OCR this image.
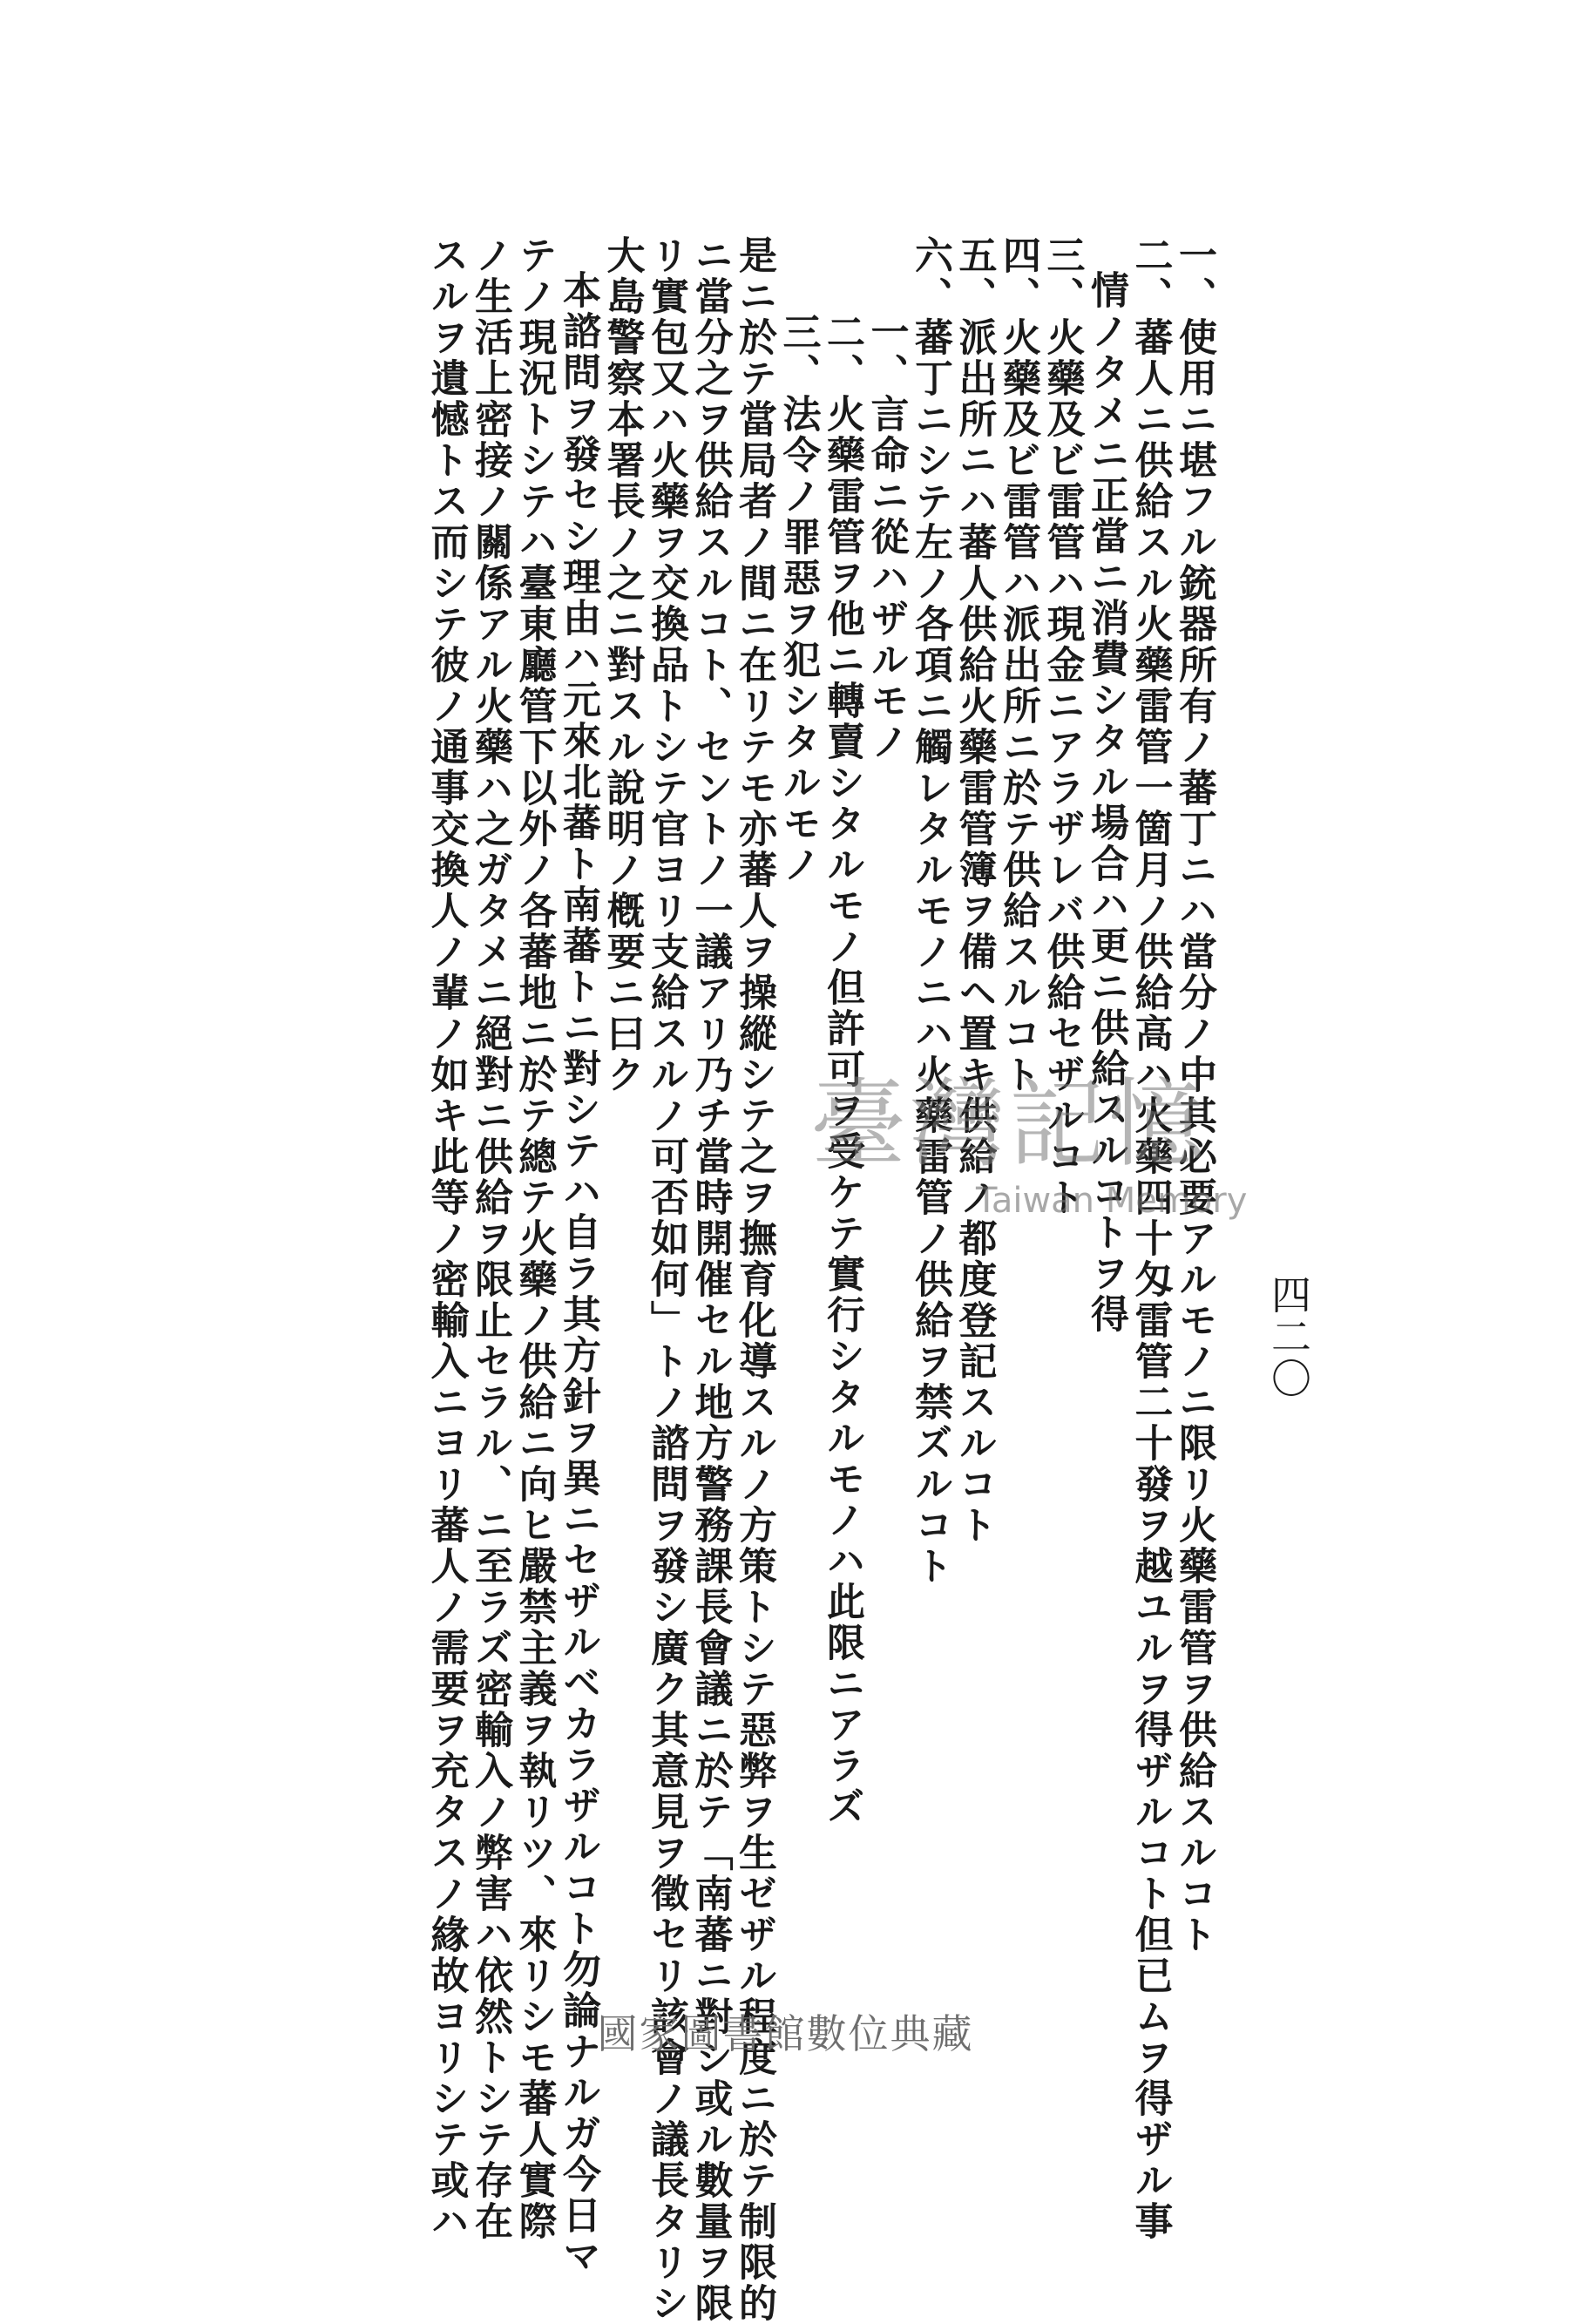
四二〇
一、使用ニ堪フル銃器所有ノ蕃丁ニハ當分ノ中其必要アルモノニ限リ火藥雷管ヲ供給スルコト
二、蕃人ニ供給スル火藥雷管一箇月ノ供給高ハ火藥四十匁雷管二十發ヲ越ユルヲ得ザルコト但已ムヲ得ザル事
情ノタメニ正當ニ消費シタル場合ハ更ニ供給スルコトヲ得
三、火藥及ビ雷管ハ現金ニアラザレバ供給セザルコト
四、火藥及ビ雷管ハ派出所ニ於テ供給スルコト
五、派出所ニハ蕃人供給火藥雷管簿ヲ備ヘ置キ供給ノ都度登記スルコト
六、蕃丁ニシテ左ノ各項ニ觸レタルモノニハ火藥雷管ノ供給ヲ禁ズルコト
一、言命ニ從ハザルモノ
二、火藥雷管ヲ他ニ轉賣シタルモノ但許可ヲ受ケテ實行シタルモノハ此限ニアラズ
三、法令ノ罪惡ヲ犯シタルモノ
是ニ於テ當局者ノ間ニ在リテモ亦蕃人ヲ操縱シテ之ヲ撫育化導スルノ方策トシテ惡弊ヲ生ゼザル程度ニ於テ制限的
ニ當分之ヲ供給スルコト、セントノ一議アリ乃チ當時開催セル地方警務課長會議ニ於テ「南蕃ニ對シ或ル數量ヲ限
リ實包又ハ火藥ヲ交換品トシテ官ヨリ支給スルノ可否如何」トノ諮問ヲ發シ廣ク其意見ヲ徵セリ該會ノ議長タリシ
大島警察本署長ノ之ニ對スル說明ノ槪要ニ曰ク
本諮問ヲ發セシ理由ハ元來北蕃ト南蕃トニ對シテハ自ラ其方針ヲ異ニセザルベカラザルコト勿論ナルガ今日マ
テノ現況トシテハ臺東廳管下以外ノ各蕃地ニ於テ總テ火藥ノ供給ニ向ヒ嚴禁主義ヲ執リツ、來リシモ蕃人實際
ノ生活上密接ノ關係アル火藥ハ之ガタメニ絕對ニ供給ヲ限止セラル、ニ至ラズ密輸入ノ弊害ハ依然トシテ存在
スルヲ遺憾トス而シテ彼ノ通事交換人ノ輩ノ如キ此等ノ密輸入ニヨリ蕃人ノ需要ヲ充タスノ緣故ヨリシテ或ハ	臺灣記憶
Taiwan Memory
國家圖書館數位典藏
